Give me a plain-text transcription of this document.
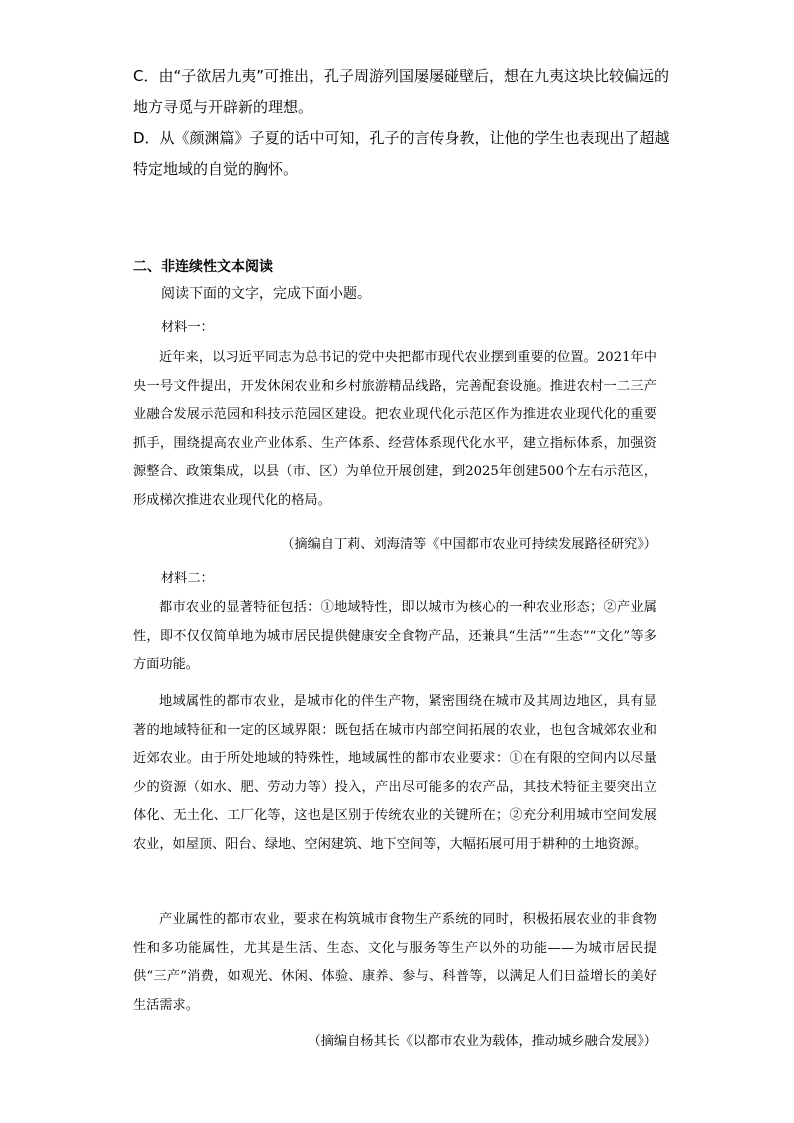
C．由“子欲居九夷”可推出，孔子周游列国屡屡碰壁后，想在九夷这块比较偏远的地方寻觅与开辟新的理想。

D．从《颜渊篇》子夏的话中可知，孔子的言传身教，让他的学生也表现出了超越特定地域的自觉的胸怀。

二、非连续性文本阅读

阅读下面的文字，完成下面小题。

材料一：

近年来，以习近平同志为总书记的党中央把都市现代农业摆到重要的位置。2021年中央一号文件提出，开发休闲农业和乡村旅游精品线路，完善配套设施。推进农村一二三产业融合发展示范园和科技示范园区建设。把农业现代化示范区作为推进农业现代化的重要抓手，围绕提高农业产业体系、生产体系、经营体系现代化水平，建立指标体系，加强资源整合、政策集成，以县（市、区）为单位开展创建，到2025年创建500个左右示范区，形成梯次推进农业现代化的格局。

（摘编自丁莉、刘海清等《中国都市农业可持续发展路径研究》）

材料二：

都市农业的显著特征包括：①地域特性，即以城市为核心的一种农业形态；②产业属性，即不仅仅简单地为城市居民提供健康安全食物产品，还兼具“生活”“生态”“文化”等多方面功能。

地域属性的都市农业，是城市化的伴生产物，紧密围绕在城市及其周边地区，具有显著的地域特征和一定的区域界限：既包括在城市内部空间拓展的农业，也包含城郊农业和近郊农业。由于所处地域的特殊性，地域属性的都市农业要求：①在有限的空间内以尽量少的资源（如水、肥、劳动力等）投入，产出尽可能多的农产品，其技术特征主要突出立体化、无土化、工厂化等，这也是区别于传统农业的关键所在；②充分利用城市空间发展农业，如屋顶、阳台、绿地、空闲建筑、地下空间等，大幅拓展可用于耕种的土地资源。

产业属性的都市农业，要求在构筑城市食物生产系统的同时，积极拓展农业的非食物性和多功能属性，尤其是生活、生态、文化与服务等生产以外的功能——为城市居民提供“三产”消费，如观光、休闲、体验、康养、参与、科普等，以满足人们日益增长的美好生活需求。

（摘编自杨其长《以都市农业为载体，推动城乡融合发展》）
